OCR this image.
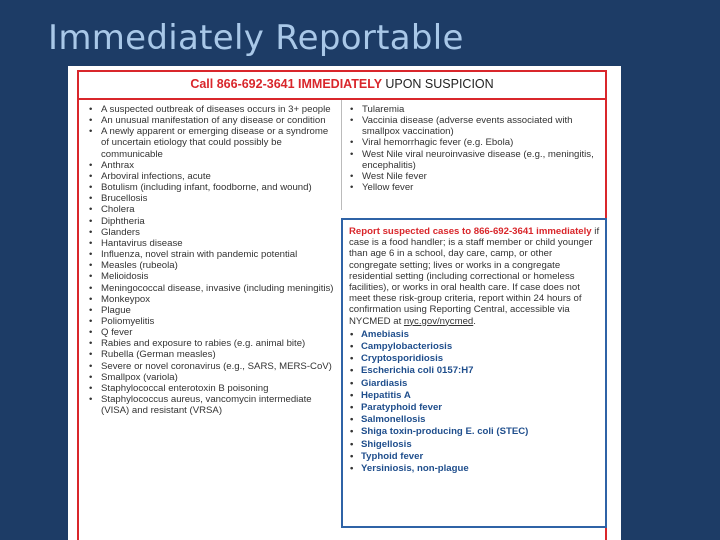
Immediately Reportable
Call 866-692-3641 IMMEDIATELY UPON SUSPICION
• A suspected outbreak of diseases occurs in 3+ people
• An unusual manifestation of any disease or condition
• A newly apparent or emerging disease or a syndrome of uncertain etiology that could possibly be communicable
• Anthrax
• Arboviral infections, acute
• Botulism (including infant, foodborne, and wound)
• Brucellosis
• Cholera
• Diphtheria
• Glanders
• Hantavirus disease
• Influenza, novel strain with pandemic potential
• Measles (rubeola)
• Melioidosis
• Meningococcal disease, invasive (including meningitis)
• Monkeypox
• Plague
• Poliomyelitis
• Q fever
• Rabies and exposure to rabies (e.g. animal bite)
• Rubella (German measles)
• Severe or novel coronavirus (e.g., SARS, MERS-CoV)
• Smallpox (variola)
• Staphylococcal enterotoxin B poisoning
• Staphylococcus aureus, vancomycin intermediate (VISA) and resistant (VRSA)
• Tularemia
• Vaccinia disease (adverse events associated with smallpox vaccination)
• Viral hemorrhagic fever (e.g. Ebola)
• West Nile viral neuroinvasive disease (e.g., meningitis, encephalitis)
• West Nile fever
• Yellow fever
Report suspected cases to 866-692-3641 immediately if case is a food handler; is a staff member or child younger than age 6 in a school, day care, camp, or other congregate setting; lives or works in a congregate residential setting (including correctional or homeless facilities), or works in oral health care. If case does not meet these risk-group criteria, report within 24 hours of confirmation using Reporting Central, accessible via NYCMED at nyc.gov/nycmed.
• Amebiasis
• Campylobacteriosis
• Cryptosporidiosis
• Escherichia coli 0157:H7
• Giardiasis
• Hepatitis A
• Paratyphoid fever
• Salmonellosis
• Shiga toxin-producing E. coli (STEC)
• Shigellosis
• Typhoid fever
• Yersiniosis, non-plague
